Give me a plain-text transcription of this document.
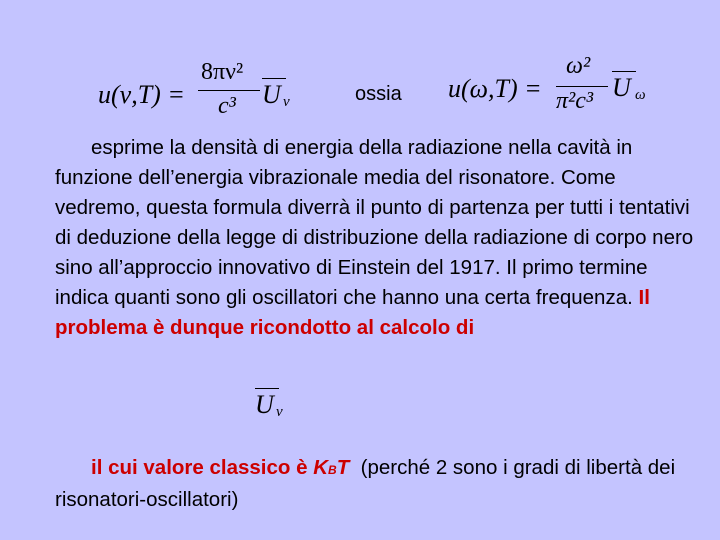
u(ν,T) =
8πν²
c³ U ν	ossia u(ω,T) =
ω²
π²c³ U ω
esprime la densità di energia della radiazione nella cavità in funzione dell’energia vibrazionale media del risonatore. Come vedremo, questa formula diverrà il punto di partenza per tutti i tentativi di deduzione della legge di distribuzione della radiazione di corpo nero sino all’approccio innovativo di Einstein del 1917. Il primo termine indica quanti sono gli oscillatori che hanno una certa frequenza. Il problema è dunque ricondotto al calcolo di
U ν
il cui valore classico è KBT  (perché 2 sono i gradi di libertà dei risonatori-oscillatori)
